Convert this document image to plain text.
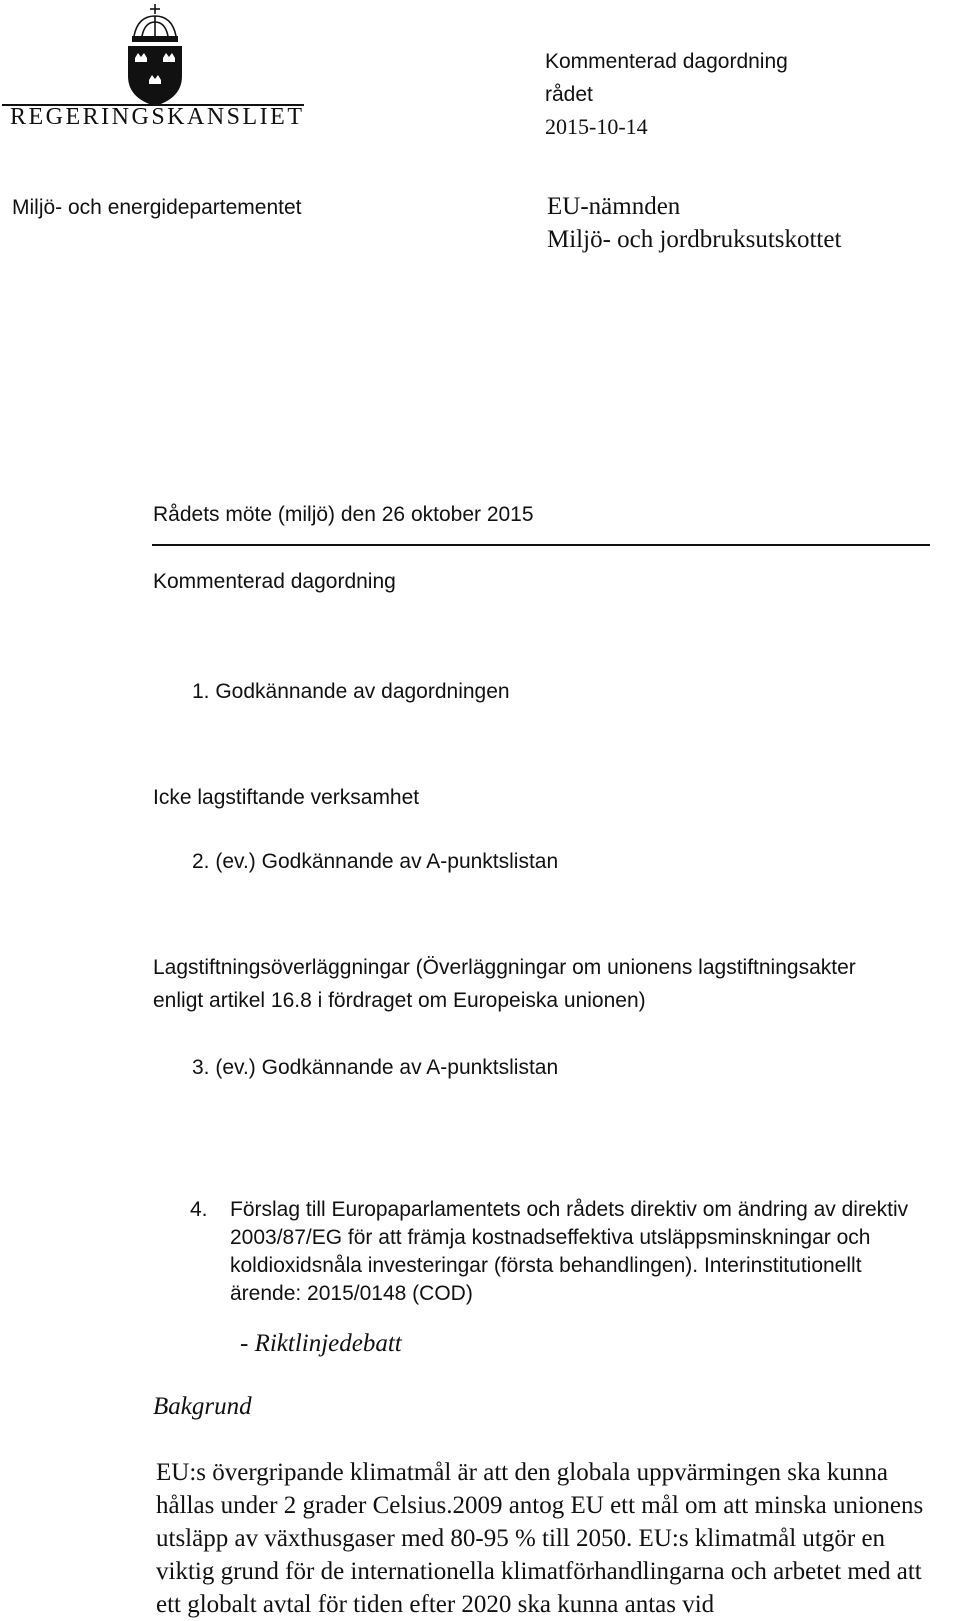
REGERINGSKANSLIET
Kommenterad dagordning
rådet
2015-10-14
Miljö- och energidepartementet	EU-nämnden
Miljö- och jordbruksutskottet
Rådets möte (miljö) den 26 oktober 2015
Kommenterad dagordning
1. Godkännande av dagordningen
Icke lagstiftande verksamhet
2. (ev.) Godkännande av A-punktslistan
Lagstiftningsöverläggningar (Överläggningar om unionens lagstiftningsakter
enligt artikel 16.8 i fördraget om Europeiska unionen)
3. (ev.) Godkännande av A-punktslistan
4. Förslag till Europaparlamentets och rådets direktiv om ändring av direktiv 2003/87/EG för att främja kostnadseffektiva utsläppsminskningar och koldioxidsnåla investeringar (första behandlingen). Interinstitutionellt ärende: 2015/0148 (COD)
- Riktlinjedebatt
Bakgrund
EU:s övergripande klimatmål är att den globala uppvärmingen ska kunna hållas under 2 grader Celsius.2009 antog EU ett mål om att minska unionens utsläpp av växthusgaser med 80-95 % till 2050. EU:s klimatmål utgör en viktig grund för de internationella klimatförhandlingarna och arbetet med att ett globalt avtal för tiden efter 2020 ska kunna antas vid
